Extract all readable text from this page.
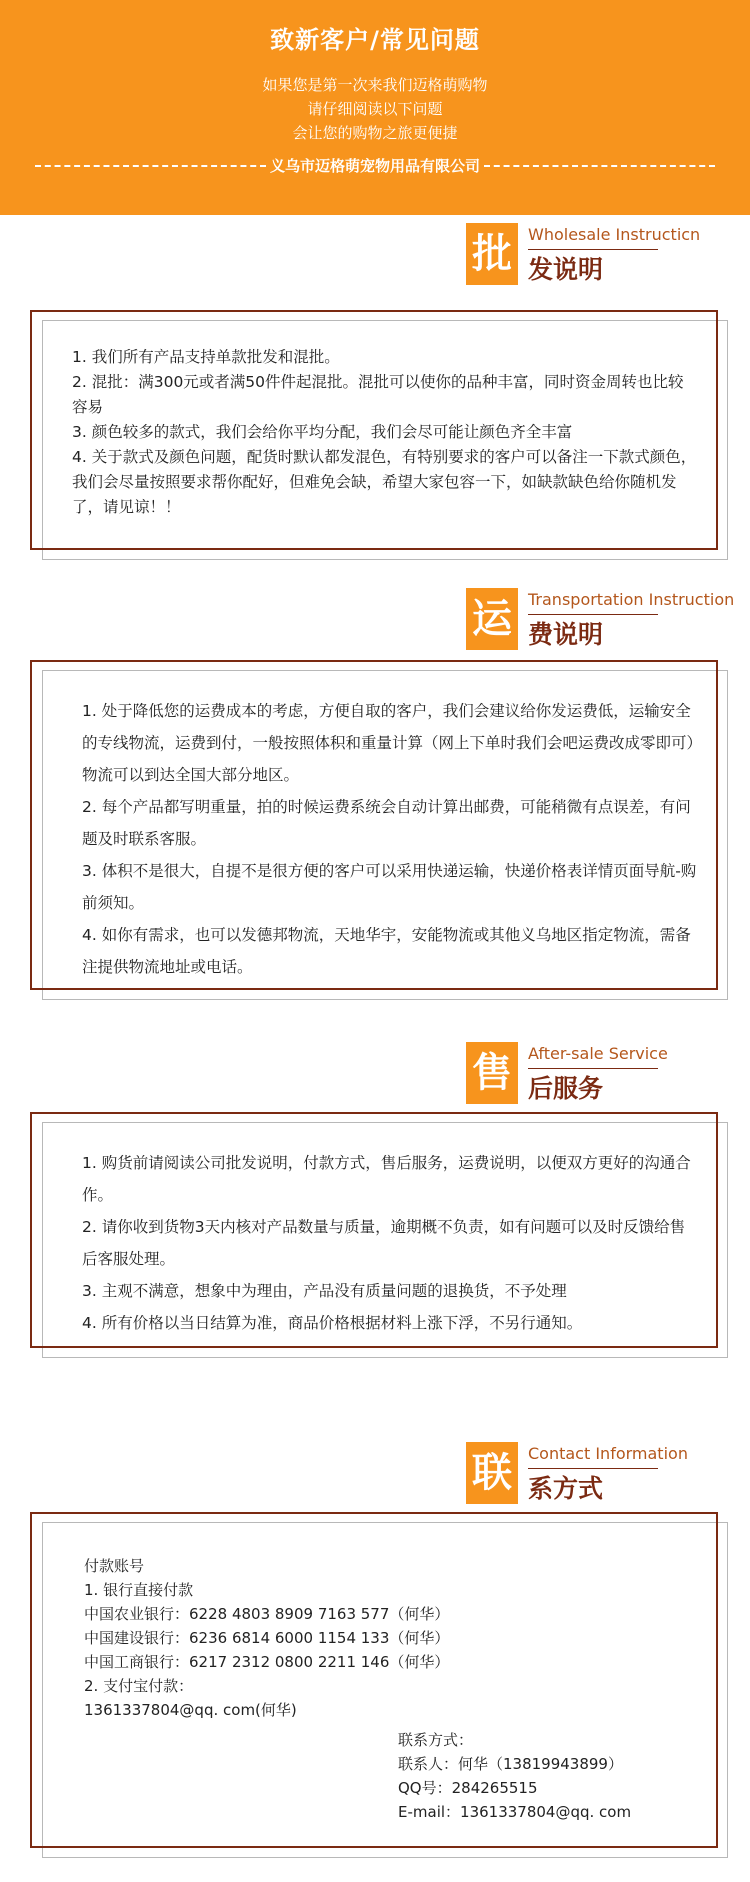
致新客户/常见问题
如果您是第一次来我们迈格萌购物
请仔细阅读以下问题
会让您的购物之旅更便捷
义乌市迈格萌宠物用品有限公司
批	Wholesale Instructicn
发说明

1. 我们所有产品支持单款批发和混批。

2. 混批：满300元或者满50件件起混批。混批可以使你的品种丰富，同时资金周转也比较容易

3. 颜色较多的款式，我们会给你平均分配，我们会尽可能让颜色齐全丰富

4. 关于款式及颜色问题，配货时默认都发混色，有特别要求的客户可以备注一下款式颜色，我们会尽量按照要求帮你配好，但难免会缺，希望大家包容一下，如缺款缺色给你随机发了，请见谅！！

运	Transportation Instruction
费说明

1. 处于降低您的运费成本的考虑，方便自取的客户，我们会建议给你发运费低，运输安全的专线物流，运费到付，一般按照体积和重量计算（网上下单时我们会吧运费改成零即可）物流可以到达全国大部分地区。

2. 每个产品都写明重量，拍的时候运费系统会自动计算出邮费，可能稍微有点误差，有问题及时联系客服。

3. 体积不是很大，自提不是很方便的客户可以采用快递运输，快递价格表详情页面导航-购前须知。

4. 如你有需求，也可以发德邦物流，天地华宇，安能物流或其他义乌地区指定物流，需备注提供物流地址或电话。

售	After-sale Service
后服务

1. 购货前请阅读公司批发说明，付款方式，售后服务，运费说明，以便双方更好的沟通合作。

2. 请你收到货物3天内核对产品数量与质量，逾期概不负责，如有问题可以及时反馈给售后客服处理。

3. 主观不满意，想象中为理由，产品没有质量问题的退换货，不予处理

4. 所有价格以当日结算为准，商品价格根据材料上涨下浮，不另行通知。

联	Contact Information
系方式

付款账号

1. 银行直接付款

中国农业银行：6228 4803 8909 7163 577（何华）

中国建设银行：6236 6814 6000 1154 133（何华）

中国工商银行：6217 2312 0800 2211 146（何华）

2. 支付宝付款：

1361337804@qq. com(何华)

联系方式：

联系人：何华（13819943899）

QQ号：284265515

E-mail：1361337804@qq. com
